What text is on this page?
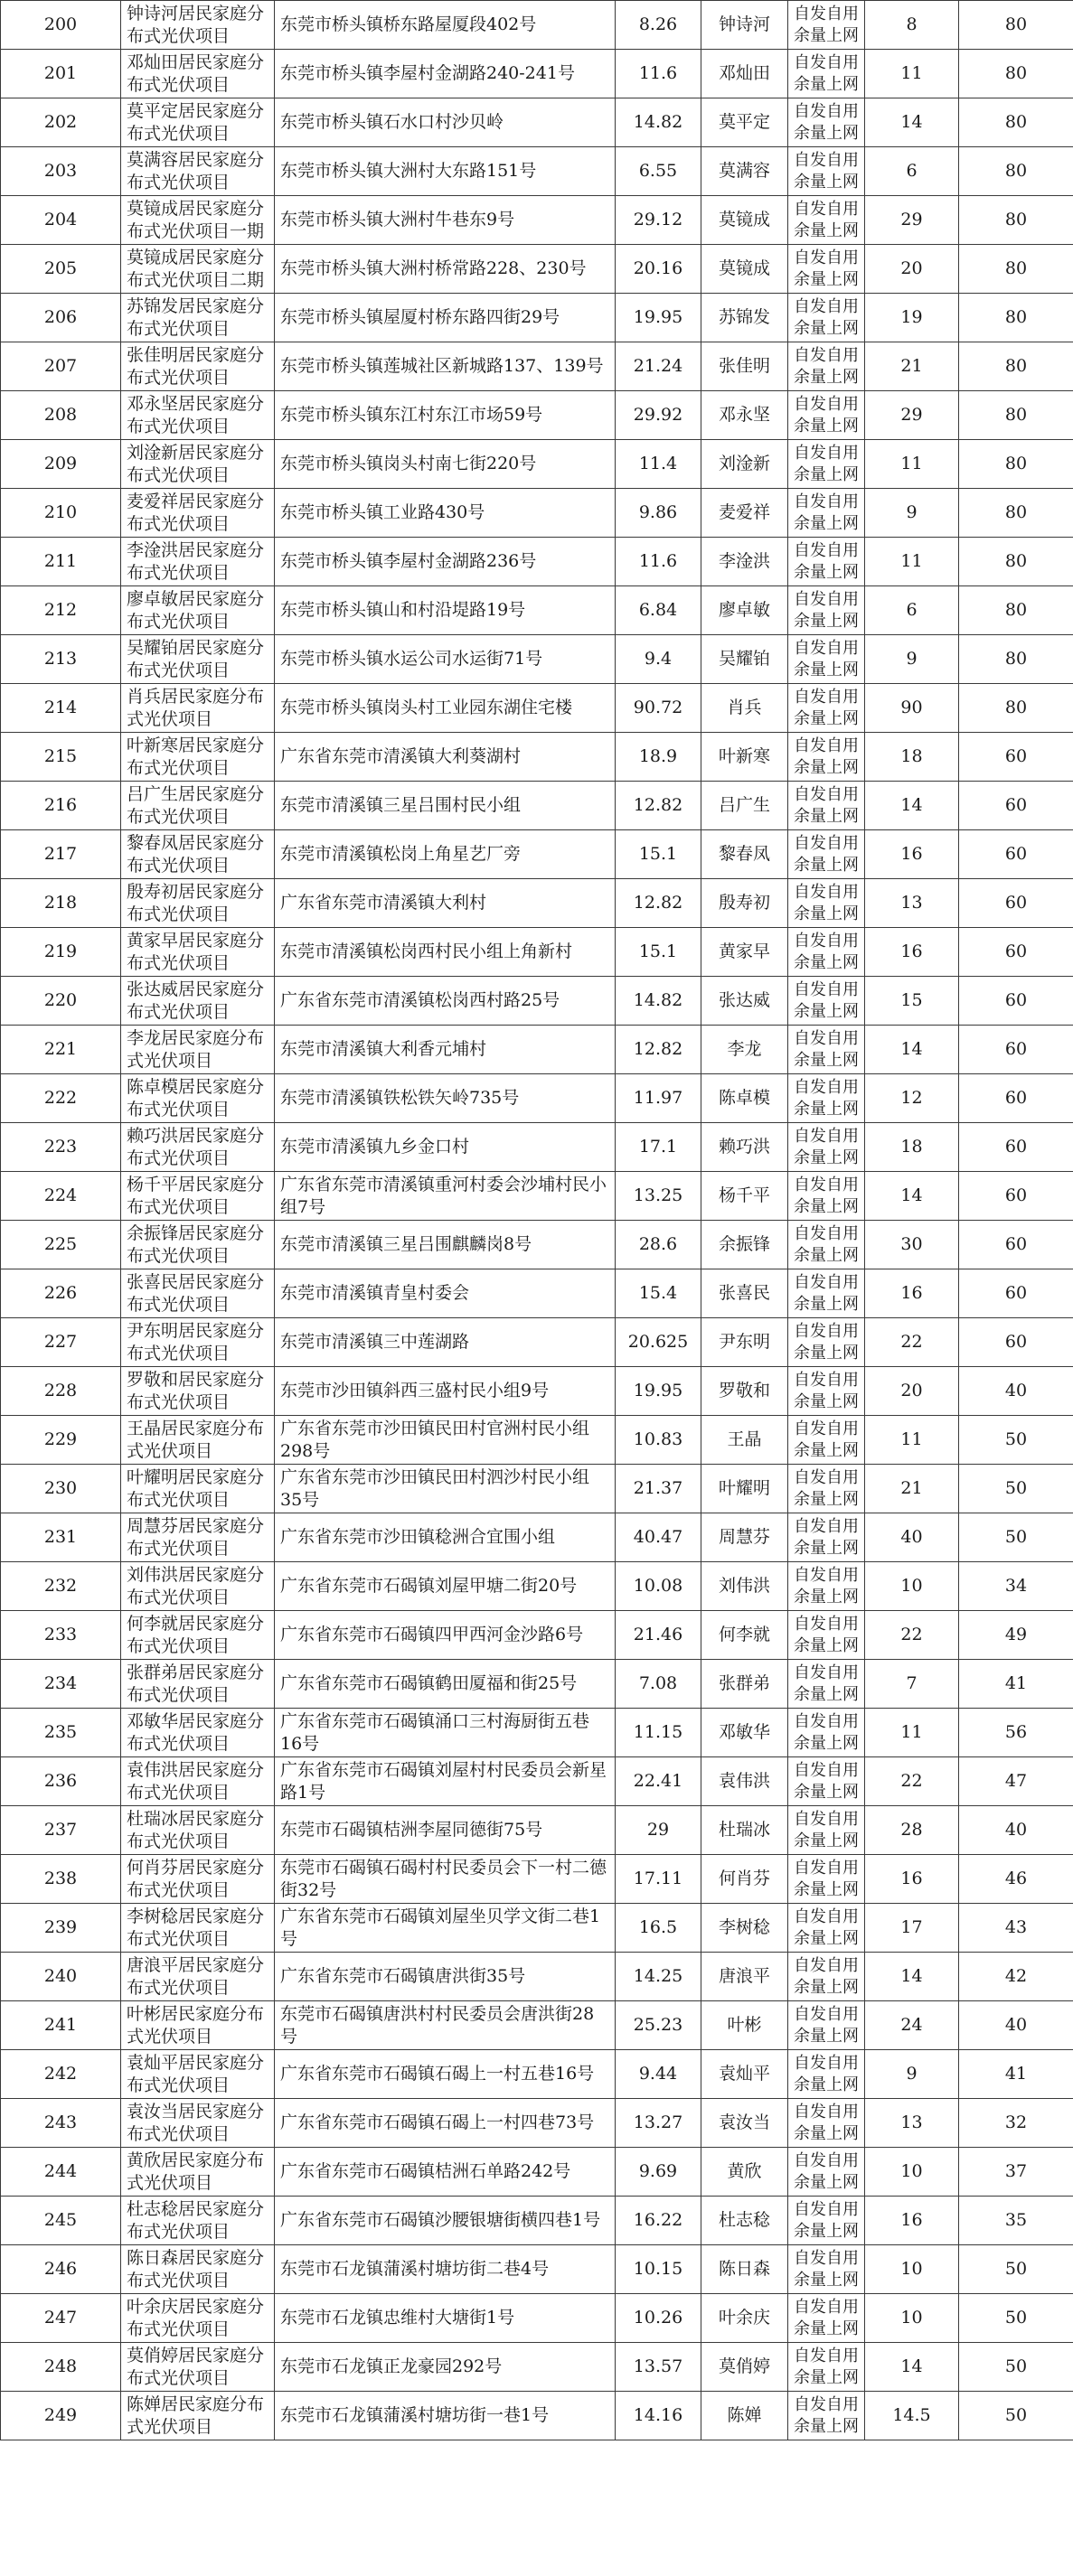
200	钟诗河居民家庭分布式光伏项目	东莞市桥头镇桥东路屋厦段402号	8.26	钟诗河	自发自用余量上网	8	80
201	邓灿田居民家庭分布式光伏项目	东莞市桥头镇李屋村金湖路240-241号	11.6	邓灿田	自发自用余量上网	11	80
202	莫平定居民家庭分布式光伏项目	东莞市桥头镇石水口村沙贝岭	14.82	莫平定	自发自用余量上网	14	80
203	莫满容居民家庭分布式光伏项目	东莞市桥头镇大洲村大东路151号	6.55	莫满容	自发自用余量上网	6	80
204	莫镜成居民家庭分布式光伏项目一期	东莞市桥头镇大洲村牛巷东9号	29.12	莫镜成	自发自用余量上网	29	80
205	莫镜成居民家庭分布式光伏项目二期	东莞市桥头镇大洲村桥常路228、230号	20.16	莫镜成	自发自用余量上网	20	80
206	苏锦发居民家庭分布式光伏项目	东莞市桥头镇屋厦村桥东路四街29号	19.95	苏锦发	自发自用余量上网	19	80
207	张佳明居民家庭分布式光伏项目	东莞市桥头镇莲城社区新城路137、139号	21.24	张佳明	自发自用余量上网	21	80
208	邓永坚居民家庭分布式光伏项目	东莞市桥头镇东江村东江市场59号	29.92	邓永坚	自发自用余量上网	29	80
209	刘淦新居民家庭分布式光伏项目	东莞市桥头镇岗头村南七街220号	11.4	刘淦新	自发自用余量上网	11	80
210	麦爱祥居民家庭分布式光伏项目	东莞市桥头镇工业路430号	9.86	麦爱祥	自发自用余量上网	9	80
211	李淦洪居民家庭分布式光伏项目	东莞市桥头镇李屋村金湖路236号	11.6	李淦洪	自发自用余量上网	11	80
212	廖卓敏居民家庭分布式光伏项目	东莞市桥头镇山和村沿堤路19号	6.84	廖卓敏	自发自用余量上网	6	80
213	吴耀铂居民家庭分布式光伏项目	东莞市桥头镇水运公司水运街71号	9.4	吴耀铂	自发自用余量上网	9	80
214	肖兵居民家庭分布式光伏项目	东莞市桥头镇岗头村工业园东湖住宅楼	90.72	肖兵	自发自用余量上网	90	80
215	叶新寒居民家庭分布式光伏项目	广东省东莞市清溪镇大利葵湖村	18.9	叶新寒	自发自用余量上网	18	60
216	吕广生居民家庭分布式光伏项目	东莞市清溪镇三星吕围村民小组	12.82	吕广生	自发自用余量上网	14	60
217	黎春凤居民家庭分布式光伏项目	东莞市清溪镇松岗上角星艺厂旁	15.1	黎春凤	自发自用余量上网	16	60
218	殷寿初居民家庭分布式光伏项目	广东省东莞市清溪镇大利村	12.82	殷寿初	自发自用余量上网	13	60
219	黄家早居民家庭分布式光伏项目	东莞市清溪镇松岗西村民小组上角新村	15.1	黄家早	自发自用余量上网	16	60
220	张达威居民家庭分布式光伏项目	广东省东莞市清溪镇松岗西村路25号	14.82	张达威	自发自用余量上网	15	60
221	李龙居民家庭分布式光伏项目	东莞市清溪镇大利香元埔村	12.82	李龙	自发自用余量上网	14	60
222	陈卓模居民家庭分布式光伏项目	东莞市清溪镇铁松铁矢岭735号	11.97	陈卓模	自发自用余量上网	12	60
223	赖巧洪居民家庭分布式光伏项目	东莞市清溪镇九乡金口村	17.1	赖巧洪	自发自用余量上网	18	60
224	杨千平居民家庭分布式光伏项目	广东省东莞市清溪镇重河村委会沙埔村民小组7号	13.25	杨千平	自发自用余量上网	14	60
225	余振锋居民家庭分布式光伏项目	东莞市清溪镇三星吕围麒麟岗8号	28.6	余振锋	自发自用余量上网	30	60
226	张喜民居民家庭分布式光伏项目	东莞市清溪镇青皇村委会	15.4	张喜民	自发自用余量上网	16	60
227	尹东明居民家庭分布式光伏项目	东莞市清溪镇三中莲湖路	20.625	尹东明	自发自用余量上网	22	60
228	罗敬和居民家庭分布式光伏项目	东莞市沙田镇斜西三盛村民小组9号	19.95	罗敬和	自发自用余量上网	20	40
229	王晶居民家庭分布式光伏项目	广东省东莞市沙田镇民田村官洲村民小组298号	10.83	王晶	自发自用余量上网	11	50
230	叶耀明居民家庭分布式光伏项目	广东省东莞市沙田镇民田村泗沙村民小组35号	21.37	叶耀明	自发自用余量上网	21	50
231	周慧芬居民家庭分布式光伏项目	广东省东莞市沙田镇稔洲合宜围小组	40.47	周慧芬	自发自用余量上网	40	50
232	刘伟洪居民家庭分布式光伏项目	广东省东莞市石碣镇刘屋甲塘二街20号	10.08	刘伟洪	自发自用余量上网	10	34
233	何李就居民家庭分布式光伏项目	广东省东莞市石碣镇四甲西河金沙路6号	21.46	何李就	自发自用余量上网	22	49
234	张群弟居民家庭分布式光伏项目	广东省东莞市石碣镇鹤田厦福和街25号	7.08	张群弟	自发自用余量上网	7	41
235	邓敏华居民家庭分布式光伏项目	广东省东莞市石碣镇涌口三村海厨街五巷16号	11.15	邓敏华	自发自用余量上网	11	56
236	袁伟洪居民家庭分布式光伏项目	广东省东莞市石碣镇刘屋村村民委员会新星路1号	22.41	袁伟洪	自发自用余量上网	22	47
237	杜瑞冰居民家庭分布式光伏项目	东莞市石碣镇桔洲李屋同德街75号	29	杜瑞冰	自发自用余量上网	28	40
238	何肖芬居民家庭分布式光伏项目	东莞市石碣镇石碣村村民委员会下一村二德街32号	17.11	何肖芬	自发自用余量上网	16	46
239	李树稔居民家庭分布式光伏项目	广东省东莞市石碣镇刘屋坐贝学文街二巷1号	16.5	李树稔	自发自用余量上网	17	43
240	唐浪平居民家庭分布式光伏项目	广东省东莞市石碣镇唐洪街35号	14.25	唐浪平	自发自用余量上网	14	42
241	叶彬居民家庭分布式光伏项目	东莞市石碣镇唐洪村村民委员会唐洪街28号	25.23	叶彬	自发自用余量上网	24	40
242	袁灿平居民家庭分布式光伏项目	广东省东莞市石碣镇石碣上一村五巷16号	9.44	袁灿平	自发自用余量上网	9	41
243	袁汝当居民家庭分布式光伏项目	广东省东莞市石碣镇石碣上一村四巷73号	13.27	袁汝当	自发自用余量上网	13	32
244	黄欣居民家庭分布式光伏项目	广东省东莞市石碣镇桔洲石单路242号	9.69	黄欣	自发自用余量上网	10	37
245	杜志稔居民家庭分布式光伏项目	广东省东莞市石碣镇沙腰银塘街横四巷1号	16.22	杜志稔	自发自用余量上网	16	35
246	陈日森居民家庭分布式光伏项目	东莞市石龙镇蒲溪村塘坊街二巷4号	10.15	陈日森	自发自用余量上网	10	50
247	叶余庆居民家庭分布式光伏项目	东莞市石龙镇忠维村大塘街1号	10.26	叶余庆	自发自用余量上网	10	50
248	莫俏婷居民家庭分布式光伏项目	东莞市石龙镇正龙豪园292号	13.57	莫俏婷	自发自用余量上网	14	50
249	陈婵居民家庭分布式光伏项目	东莞市石龙镇蒲溪村塘坊街一巷1号	14.16	陈婵	自发自用余量上网	14.5	50
